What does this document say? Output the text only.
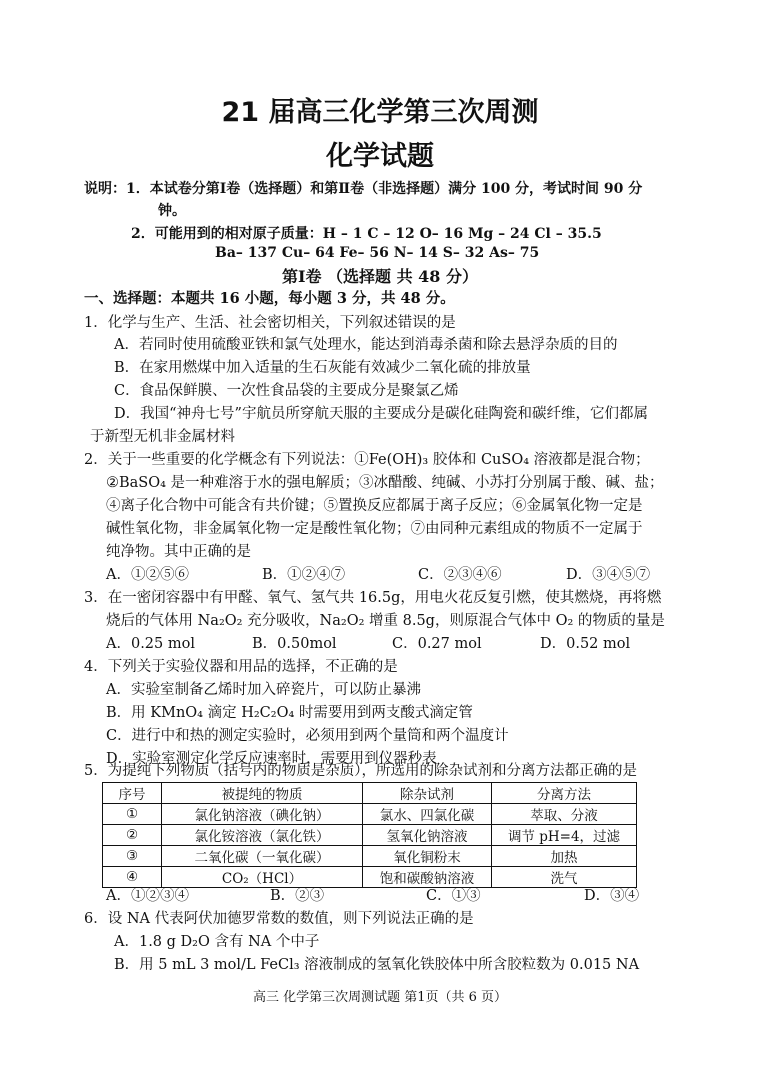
21 届高三化学第三次周测
化学试题
说明：1．本试卷分第Ⅰ卷（选择题）和第Ⅱ卷（非选择题）满分 100 分，考试时间 90 分
钟。
2．可能用到的相对原子质量：H – 1 C – 12 O– 16 Mg – 24 Cl – 35.5
Ba– 137 Cu– 64 Fe– 56 N– 14 S– 32 As– 75
第Ⅰ卷 （选择题 共 48 分）
一、选择题：本题共 16 小题，每小题 3 分，共 48 分。
1．化学与生产、生活、社会密切相关，下列叙述错误的是
A．若同时使用硫酸亚铁和氯气处理水，能达到消毒杀菌和除去悬浮杂质的目的
B．在家用燃煤中加入适量的生石灰能有效减少二氧化硫的排放量
C．食品保鲜膜、一次性食品袋的主要成分是聚氯乙烯
D．我国“神舟七号”宇航员所穿航天服的主要成分是碳化硅陶瓷和碳纤维，它们都属
于新型无机非金属材料
2．关于一些重要的化学概念有下列说法：①Fe(OH)₃ 胶体和 CuSO₄ 溶液都是混合物；
②BaSO₄ 是一种难溶于水的强电解质；③冰醋酸、纯碱、小苏打分别属于酸、碱、盐；
④离子化合物中可能含有共价键；⑤置换反应都属于离子反应；⑥金属氧化物一定是
碱性氧化物，非金属氧化物一定是酸性氧化物；⑦由同种元素组成的物质不一定属于
纯净物。其中正确的是
A．①②⑤⑥	B．①②④⑦	C．②③④⑥	D．③④⑤⑦
3．在一密闭容器中有甲醛、氧气、氢气共 16.5g，用电火花反复引燃，使其燃烧，再将燃
烧后的气体用 Na₂O₂ 充分吸收，Na₂O₂ 增重 8.5g，则原混合气体中 O₂ 的物质的量是
A．0.25 mol	B．0.50mol	C．0.27 mol	D．0.52 mol
4．下列关于实验仪器和用品的选择，不正确的是
A．实验室制备乙烯时加入碎瓷片，可以防止暴沸
B．用 KMnO₄ 滴定 H₂C₂O₄ 时需要用到两支酸式滴定管
C．进行中和热的测定实验时，必须用到两个量筒和两个温度计
D．实验室测定化学反应速率时，需要用到仪器秒表
5．为提纯下列物质（括号内的物质是杂质），所选用的除杂试剂和分离方法都正确的是
序号	被提纯的物质	除杂试剂	分离方法
①	氯化钠溶液（碘化钠）	氯水、四氯化碳	萃取、分液
②	氯化铵溶液（氯化铁）	氢氧化钠溶液	调节 pH=4，过滤
③	二氧化碳（一氧化碳）	氧化铜粉末	加热
④	CO₂（HCl）	饱和碳酸钠溶液	洗气
A．①②③④	B．②③	C．①③	D．③④
6．设 NA 代表阿伏加德罗常数的数值，则下列说法正确的是
A．1.8 g D₂O 含有 NA 个中子
B．用 5 mL 3 mol/L FeCl₃ 溶液制成的氢氧化铁胶体中所含胶粒数为 0.015 NA
高三 化学第三次周测试题 第1页（共 6 页）
